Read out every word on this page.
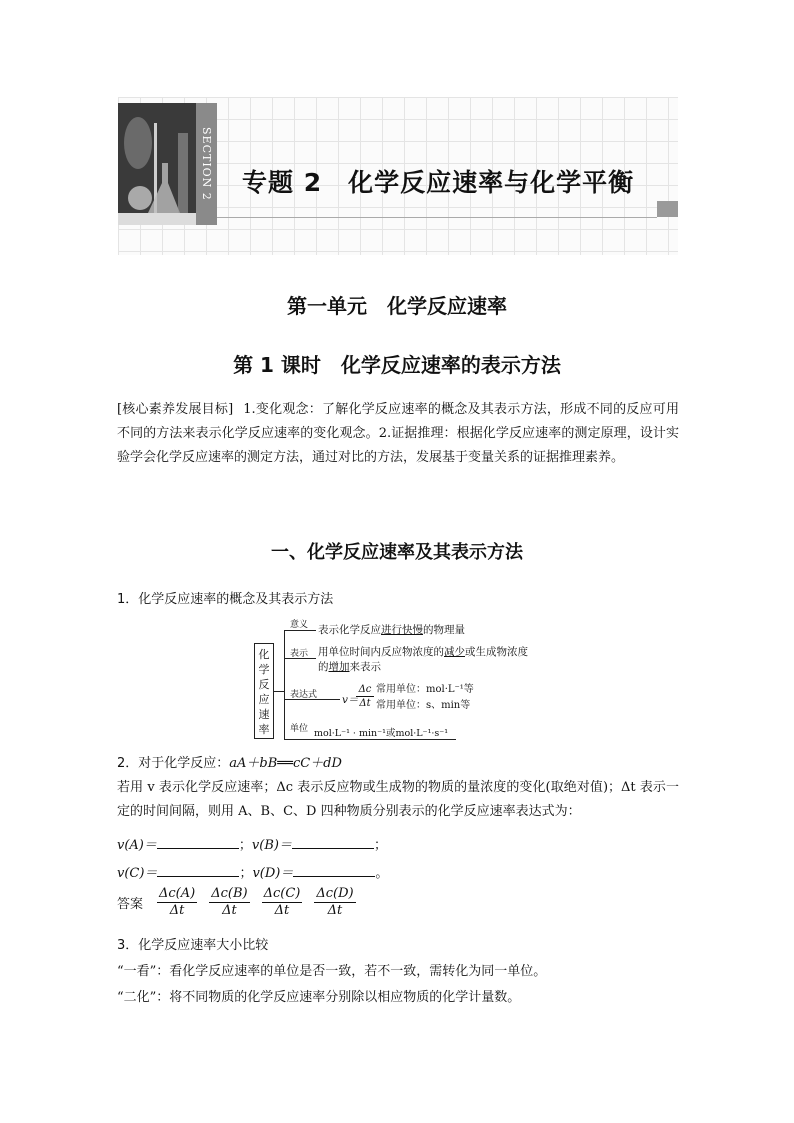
SECTION 2 专题 2　化学反应速率与化学平衡
第一单元　化学反应速率
第 1 课时　化学反应速率的表示方法
[核心素养发展目标] 1.变化观念：了解化学反应速率的概念及其表示方法，形成不同的反应可用不同的方法来表示化学反应速率的变化观念。2.证据推理：根据化学反应速率的测定原理，设计实验学会化学反应速率的测定方法，通过对比的方法，发展基于变量关系的证据推理素养。
一、化学反应速率及其表示方法
1．化学反应速率的概念及其表示方法
化
学
反
应
速
率
意义 表示化学反应进行快慢的物理量
表示 用单位时间内反应物浓度的减少或生成物浓度
的增加来表示
表达式 v＝
$\frac{\Delta c}{\Delta t}$ 常用单位：mol·L⁻¹等
常用单位：s、min等
单位 mol·L⁻¹ · min⁻¹或mol·L⁻¹·s⁻¹
2．对于化学反应：aA＋bB══cC＋dD
若用 v 表示化学反应速率；Δc 表示反应物或生成物的物质的量浓度的变化(取绝对值)；Δt 表示一定的时间间隔，则用 A、B、C、D 四种物质分别表示的化学反应速率表达式为：
v(A)＝	；v(B)＝	；
v(C)＝	；v(D)＝	。
答案 $\frac{\Delta c(A)}{\Delta t} \frac{\Delta c(B)}{\Delta t} \frac{\Delta c(C)}{\Delta t} \frac{\Delta c(D)}{\Delta t}$
3．化学反应速率大小比较
“一看”：看化学反应速率的单位是否一致，若不一致，需转化为同一单位。
“二化”：将不同物质的化学反应速率分别除以相应物质的化学计量数。
